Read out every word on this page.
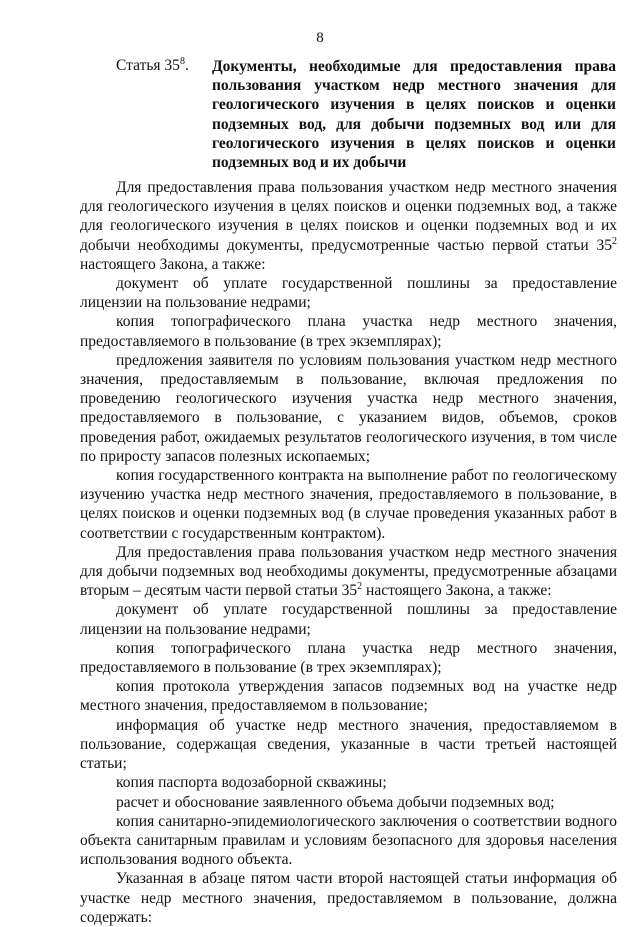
8
Статья $35^8$. Документы, необходимые для предоставления права пользования участком недр местного значения для геологического изучения в целях поисков и оценки подземных вод, для добычи подземных вод или для геологического изучения в целях поисков и оценки подземных вод и их добычи

Для предоставления права пользования участком недр местного значения для геологического изучения в целях поисков и оценки подземных вод, а также для геологического изучения в целях поисков и оценки подземных вод и их добычи необходимы документы, предусмотренные частью первой статьи $35^2$ настоящего Закона, а также:

документ об уплате государственной пошлины за предоставление лицензии на пользование недрами;

копия топографического плана участка недр местного значения, предоставляемого в пользование (в трех экземплярах);

предложения заявителя по условиям пользования участком недр местного значения, предоставляемым в пользование, включая предложения по проведению геологического изучения участка недр местного значения, предоставляемого в пользование, с указанием видов, объемов, сроков проведения работ, ожидаемых результатов геологического изучения, в том числе по приросту запасов полезных ископаемых;

копия государственного контракта на выполнение работ по геологическому изучению участка недр местного значения, предоставляемого в пользование, в целях поисков и оценки подземных вод (в случае проведения указанных работ в соответствии с государственным контрактом).

Для предоставления права пользования участком недр местного значения для добычи подземных вод необходимы документы, предусмотренные абзацами вторым – десятым части первой статьи $35^2$ настоящего Закона, а также:

документ об уплате государственной пошлины за предоставление лицензии на пользование недрами;

копия топографического плана участка недр местного значения, предоставляемого в пользование (в трех экземплярах);

копия протокола утверждения запасов подземных вод на участке недр местного значения, предоставляемом в пользование;

информация об участке недр местного значения, предоставляемом в пользование, содержащая сведения, указанные в части третьей настоящей статьи;

копия паспорта водозаборной скважины;

расчет и обоснование заявленного объема добычи подземных вод;

копия санитарно-эпидемиологического заключения о соответствии водного объекта санитарным правилам и условиям безопасного для здоровья населения использования водного объекта.

Указанная в абзаце пятом части второй настоящей статьи информация об участке недр местного значения, предоставляемом в пользование, должна содержать:
